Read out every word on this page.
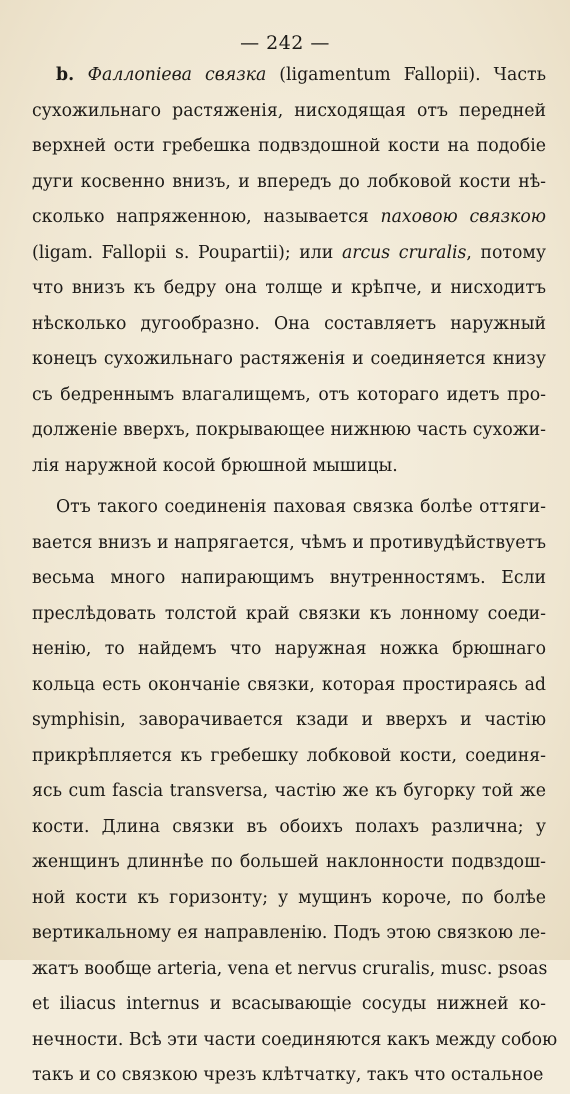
— 242 —
b. Фаллопіева связка (ligamentum Fallopii). Часть
сухожильнаго растяженія, нисходящая отъ передней
верхней ости гребешка подвздошной кости на подобіе
дуги косвенно внизъ, и впередъ до лобковой кости нѣ-
сколько напряженною, называется паховою связкою
(ligam. Fallopii s. Poupartii); или arcus cruralis, потому
что внизъ къ бедру она толще и крѣпче, и нисходитъ
нѣсколько дугообразно. Она составляетъ наружный
конецъ сухожильнаго растяженія и соединяется книзу
съ бедреннымъ влагалищемъ, отъ котораго идетъ про-
долженіе вверхъ, покрывающее нижнюю часть сухожи-
лія наружной косой брюшной мышицы.
Отъ такого соединенія паховая связка болѣе оттяги-
вается внизъ и напрягается, чѣмъ и противудѣйствуетъ
весьма много напирающимъ внутренностямъ. Если
преслѣдовать толстой край связки къ лонному соеди-
ненію, то найдемъ что наружная ножка брюшнаго
кольца есть окончаніе связки, которая простираясь ad
symphisin, заворачивается кзади и вверхъ и частію
прикрѣпляется къ гребешку лобковой кости, соединя-
ясь cum fascia transversa, частію же къ бугорку той же
кости. Длина связки въ обоихъ полахъ различна; у
женщинъ длиннѣе по большей наклонности подвздош-
ной кости къ горизонту; у мущинъ короче, по болѣе
вертикальному ея направленію. Подъ этою связкою ле-
жатъ вообще arteria, vena et nervus cruralis, musc. psoas
et iliacus internus и всасывающіе сосуды нижней ко-
нечности. Всѣ эти части соединяются какъ между собою
такъ и со связкою чрезъ клѣтчатку, такъ что остальное
